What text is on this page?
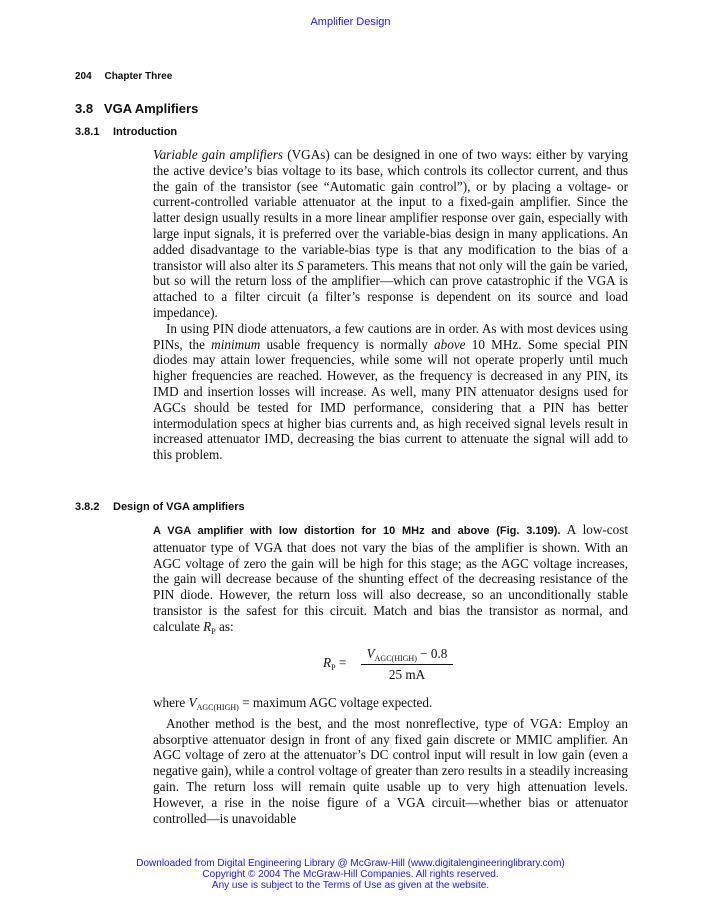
Amplifier Design
204 Chapter Three
3.8 VGA Amplifiers
3.8.1 Introduction

Variable gain amplifiers (VGAs) can be designed in one of two ways: either by varying the active device’s bias voltage to its base, which controls its collector current, and thus the gain of the transistor (see “Automatic gain control”), or by placing a voltage- or current-controlled variable attenuator at the input to a fixed-gain amplifier. Since the latter design usually results in a more linear amplifier response over gain, especially with large input signals, it is preferred over the variable-bias design in many applications. An added disadvantage to the variable-bias type is that any modification to the bias of a transistor will also alter its S parameters. This means that not only will the gain be varied, but so will the return loss of the amplifier—which can prove catastrophic if the VGA is attached to a filter circuit (a filter’s response is dependent on its source and load impedance).

In using PIN diode attenuators, a few cautions are in order. As with most devices using PINs, the minimum usable frequency is normally above 10 MHz. Some special PIN diodes may attain lower frequencies, while some will not operate properly until much higher frequencies are reached. However, as the frequency is decreased in any PIN, its IMD and insertion losses will increase. As well, many PIN attenuator designs used for AGCs should be tested for IMD performance, considering that a PIN has better intermodulation specs at higher bias currents and, as high received signal levels result in increased attenuator IMD, decreasing the bias current to attenuate the signal will add to this problem.

3.8.2 Design of VGA amplifiers

A VGA amplifier with low distortion for 10 MHz and above (Fig. 3.109). A low-cost attenuator type of VGA that does not vary the bias of the amplifier is shown. With an AGC voltage of zero the gain will be high for this stage; as the AGC voltage increases, the gain will decrease because of the shunting effect of the decreasing resistance of the PIN diode. However, the return loss will also decrease, so an unconditionally stable transistor is the safest for this circuit. Match and bias the transistor as normal, and calculate $R_P$ as:

$R_P$ =
$V_{AGC(HIGH)} - 0.8$
25 mA

where $V_{AGC(HIGH)}$ = maximum AGC voltage expected.

Another method is the best, and the most nonreflective, type of VGA: Employ an absorptive attenuator design in front of any fixed gain discrete or MMIC amplifier. An AGC voltage of zero at the attenuator’s DC control input will result in low gain (even a negative gain), while a control voltage of greater than zero results in a steadily increasing gain. The return loss will remain quite usable up to very high attenuation levels. However, a rise in the noise figure of a VGA circuit—whether bias or attenuator controlled—is unavoidable

Downloaded from Digital Engineering Library @ McGraw-Hill (www.digitalengineeringlibrary.com)
Copyright © 2004 The McGraw-Hill Companies. All rights reserved.
Any use is subject to the Terms of Use as given at the website.
